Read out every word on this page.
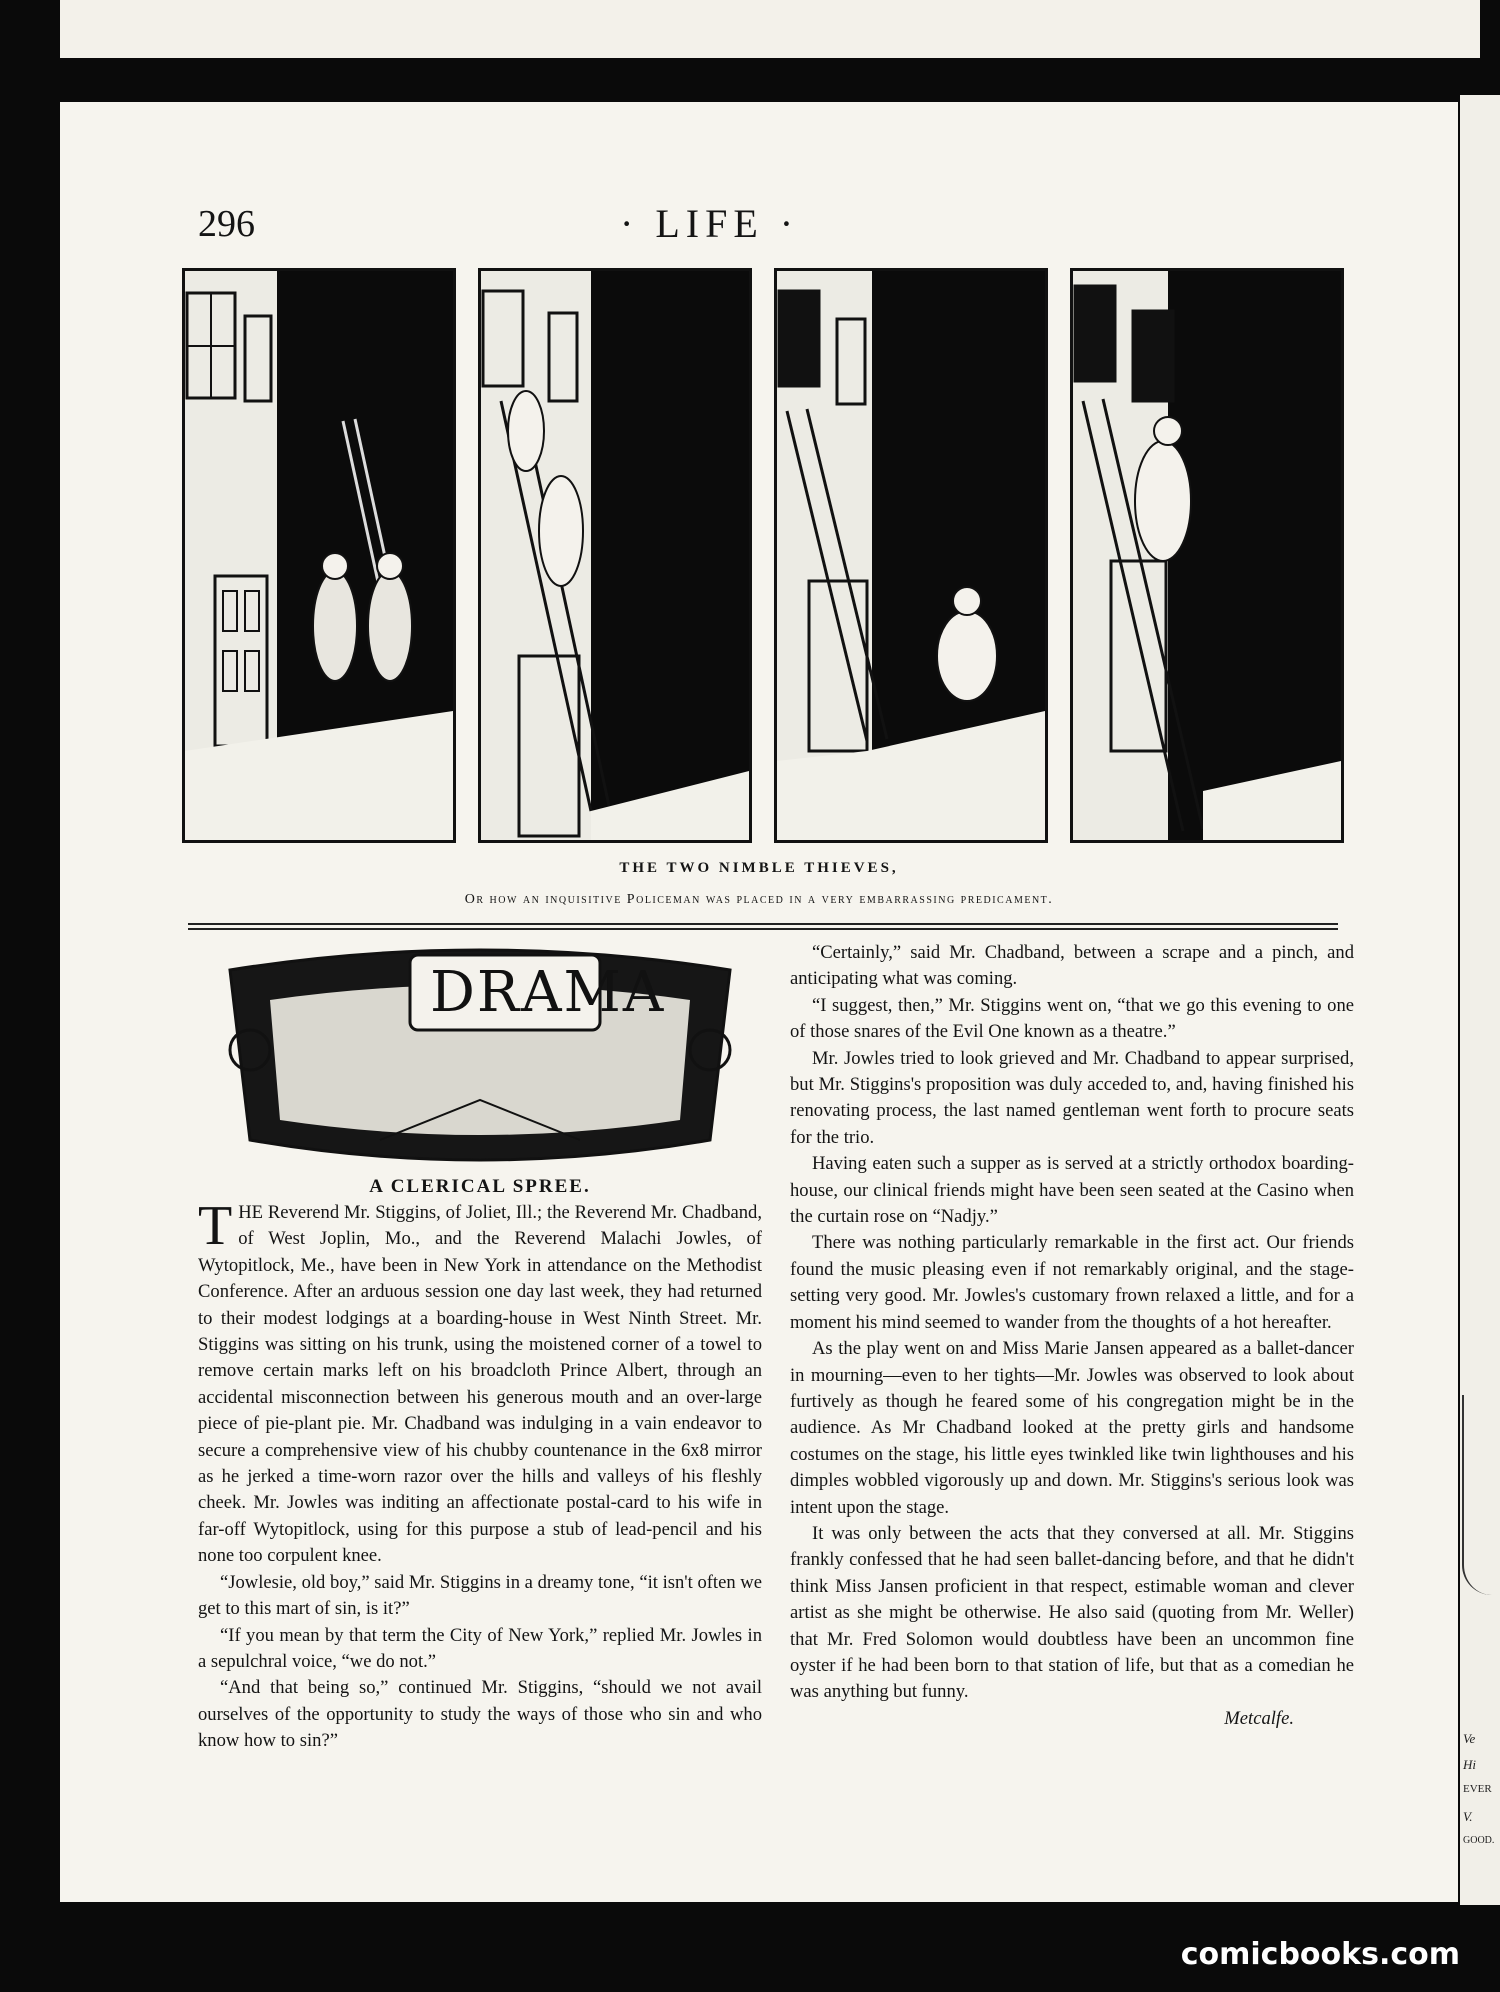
296	· LIFE ·
THE TWO NIMBLE THIEVES,
Or how an inquisitive Policeman was placed in a very embarrassing predicament.
DRAMA
A CLERICAL SPREE.

THE Reverend Mr. Stiggins, of Joliet, Ill.; the Reverend Mr. Chadband, of West Joplin, Mo., and the Reverend Malachi Jowles, of Wytopitlock, Me., have been in New York in attendance on the Methodist Conference. After an arduous session one day last week, they had returned to their modest lodgings at a boarding-house in West Ninth Street. Mr. Stiggins was sitting on his trunk, using the moistened corner of a towel to remove certain marks left on his broadcloth Prince Albert, through an accidental misconnection between his generous mouth and an over-large piece of pie-plant pie. Mr. Chadband was indulging in a vain endeavor to secure a comprehensive view of his chubby countenance in the 6x8 mirror as he jerked a time-worn razor over the hills and valleys of his fleshly cheek. Mr. Jowles was inditing an affectionate postal-card to his wife in far-off Wytopitlock, using for this purpose a stub of lead-pencil and his none too corpulent knee.

“Jowlesie, old boy,” said Mr. Stiggins in a dreamy tone, “it isn't often we get to this mart of sin, is it?”

“If you mean by that term the City of New York,” replied Mr. Jowles in a sepulchral voice, “we do not.”

“And that being so,” continued Mr. Stiggins, “should we not avail ourselves of the opportunity to study the ways of those who sin and who know how to sin?”

“Certainly,” said Mr. Chadband, between a scrape and a pinch, and anticipating what was coming.

“I suggest, then,” Mr. Stiggins went on, “that we go this evening to one of those snares of the Evil One known as a theatre.”

Mr. Jowles tried to look grieved and Mr. Chadband to appear surprised, but Mr. Stiggins's proposition was duly acceded to, and, having finished his renovating process, the last named gentleman went forth to procure seats for the trio.

Having eaten such a supper as is served at a strictly orthodox boarding-house, our clinical friends might have been seen seated at the Casino when the curtain rose on “Nadjy.”

There was nothing particularly remarkable in the first act. Our friends found the music pleasing even if not remarkably original, and the stage-setting very good. Mr. Jowles's customary frown relaxed a little, and for a moment his mind seemed to wander from the thoughts of a hot hereafter.

As the play went on and Miss Marie Jansen appeared as a ballet-dancer in mourning—even to her tights—Mr. Jowles was observed to look about furtively as though he feared some of his congregation might be in the audience. As Mr Chadband looked at the pretty girls and handsome costumes on the stage, his little eyes twinkled like twin lighthouses and his dimples wobbled vigorously up and down. Mr. Stiggins's serious look was intent upon the stage.

It was only between the acts that they conversed at all. Mr. Stiggins frankly confessed that he had seen ballet-dancing before, and that he didn't think Miss Jansen proficient in that respect, estimable woman and clever artist as she might be otherwise. He also said (quoting from Mr. Weller) that Mr. Fred Solomon would doubtless have been an uncommon fine oyster if he had been born to that station of life, but that as a comedian he was anything but funny.

Metcalfe.

Ve
Hi
EVER
V.
GOOD.
comicbooks.com
